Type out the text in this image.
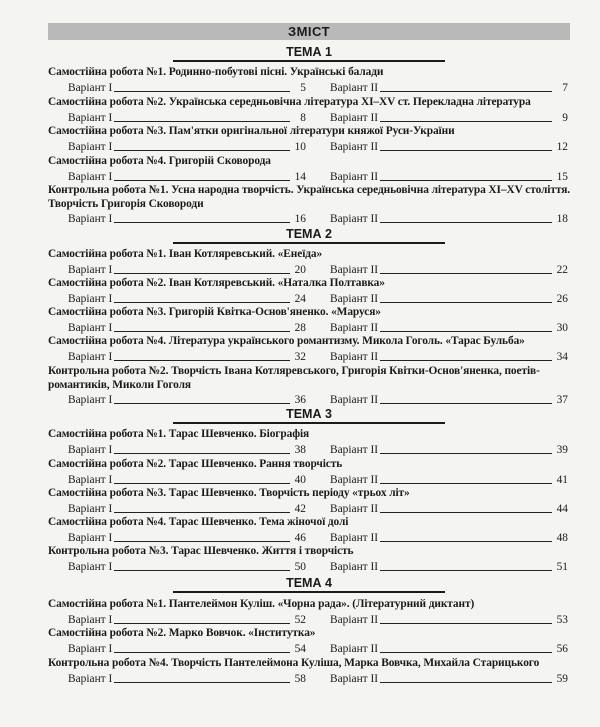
ЗМІСТ
ТЕМА 1
Самостійна робота №1. Родинно-побутові пісні. Українські балади
Варіант I	5 Варіант II	7
Самостійна робота №2. Українська середньовічна література XI–XV ст. Перекладна література
Варіант I	8 Варіант II	9
Самостійна робота №3. Пам'ятки оригінальної літератури княжої Руси-України
Варіант I	10 Варіант II	12
Самостійна робота №4. Григорій Сковорода
Варіант I	14 Варіант II	15
Контрольна робота №1. Усна народна творчість. Українська середньовічна література XI–XV століття. Творчість Григорія Сковороди
Варіант I	16 Варіант II	18
ТЕМА 2
Самостійна робота №1. Іван Котляревський. «Енеїда»
Варіант I	20 Варіант II	22
Самостійна робота №2. Іван Котляревський. «Наталка Полтавка»
Варіант I	24 Варіант II	26
Самостійна робота №3. Григорій Квітка-Основ'яненко. «Маруся»
Варіант I	28 Варіант II	30
Самостійна робота №4. Література українського романтизму. Микола Гоголь. «Тарас Бульба»
Варіант I	32 Варіант II	34
Контрольна робота №2. Творчість Івана Котляревського, Григорія Квітки-Основ'яненка, поетів-романтиків, Миколи Гоголя
Варіант I	36 Варіант II	37
ТЕМА 3
Самостійна робота №1. Тарас Шевченко. Біографія
Варіант I	38 Варіант II	39
Самостійна робота №2. Тарас Шевченко. Рання творчість
Варіант I	40 Варіант II	41
Самостійна робота №3. Тарас Шевченко. Творчість періоду «трьох літ»
Варіант I	42 Варіант II	44
Самостійна робота №4. Тарас Шевченко. Тема жіночої долі
Варіант I	46 Варіант II	48
Контрольна робота №3. Тарас Шевченко. Життя і творчість
Варіант I	50 Варіант II	51
ТЕМА 4
Самостійна робота №1. Пантелеймон Куліш. «Чорна рада». (Літературний диктант)
Варіант I	52 Варіант II	53
Самостійна робота №2. Марко Вовчок. «Інститутка»
Варіант I	54 Варіант II	56
Контрольна робота №4. Творчість Пантелеймона Куліша, Марка Вовчка, Михайла Старицького
Варіант I	58 Варіант II	59
